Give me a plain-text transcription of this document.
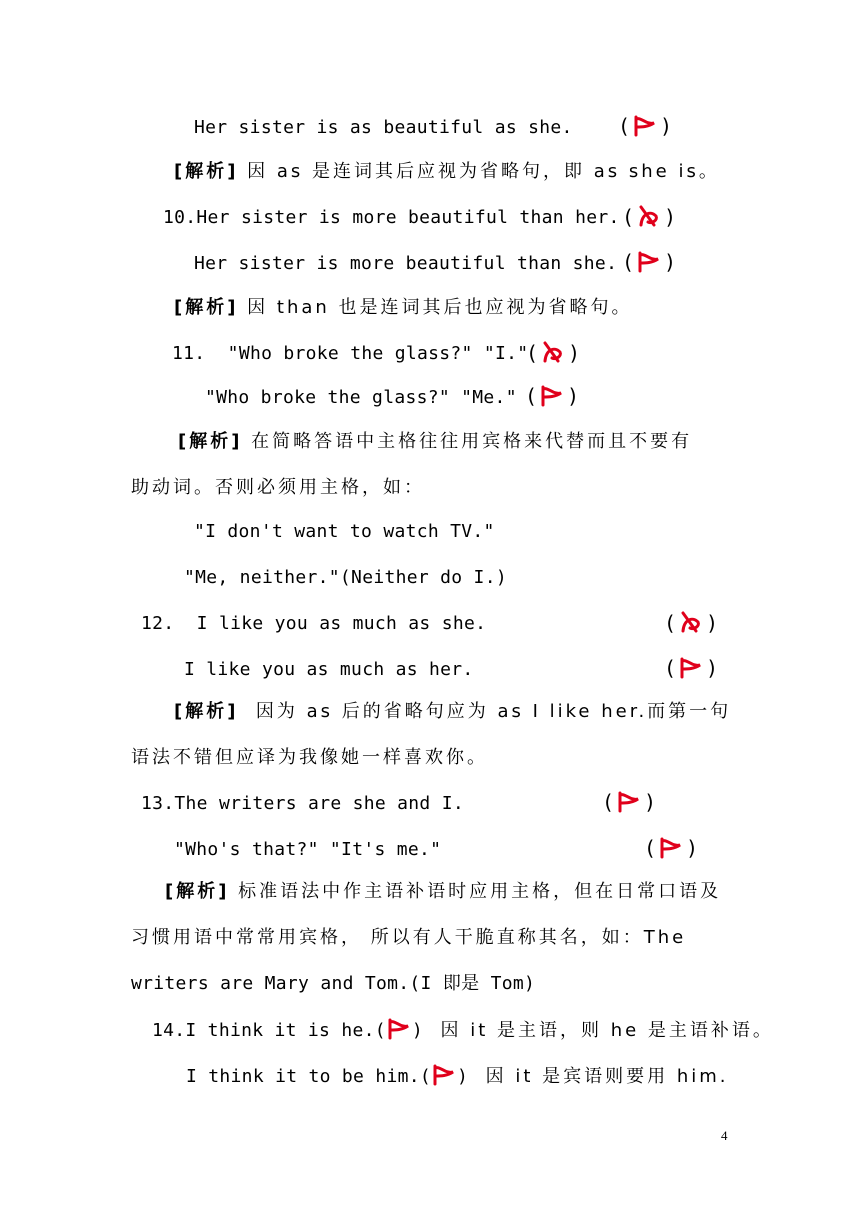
Her sister is as beautiful as she. ( )
[解析] 因 as 是连词其后应视为省略句，即 as she is。
10.Her sister is more beautiful than her. ( )
Her sister is more beautiful than she. ( )
[解析] 因 than 也是连词其后也应视为省略句。
11.  "Who broke the glass?" "I."
( )
"Who broke the glass?" "Me." ( )
[解析] 在简略答语中主格往往用宾格来代替而且不要有
助动词。否则必须用主格，如：
"I don't want to watch TV."
"Me, neither."(Neither do I.)
12.  I like you as much as she.	( )
I like you as much as her.	( )
[解析]  因为 as 后的省略句应为 as I like her.而第一句
语法不错但应译为我像她一样喜欢你。
13.The writers are she and I.	( )
"Who's that?" "It's me."	( )
[解析] 标准语法中作主语补语时应用主格，但在日常口语及
习惯用语中常常用宾格， 所以有人干脆直称其名，如：The
writers are Mary and Tom.(I 即是 Tom)
14.I think it is he.( )  因 it 是主语，则 he 是主语补语。
I think it to be him.( )  因 it 是宾语则要用 him.
4
